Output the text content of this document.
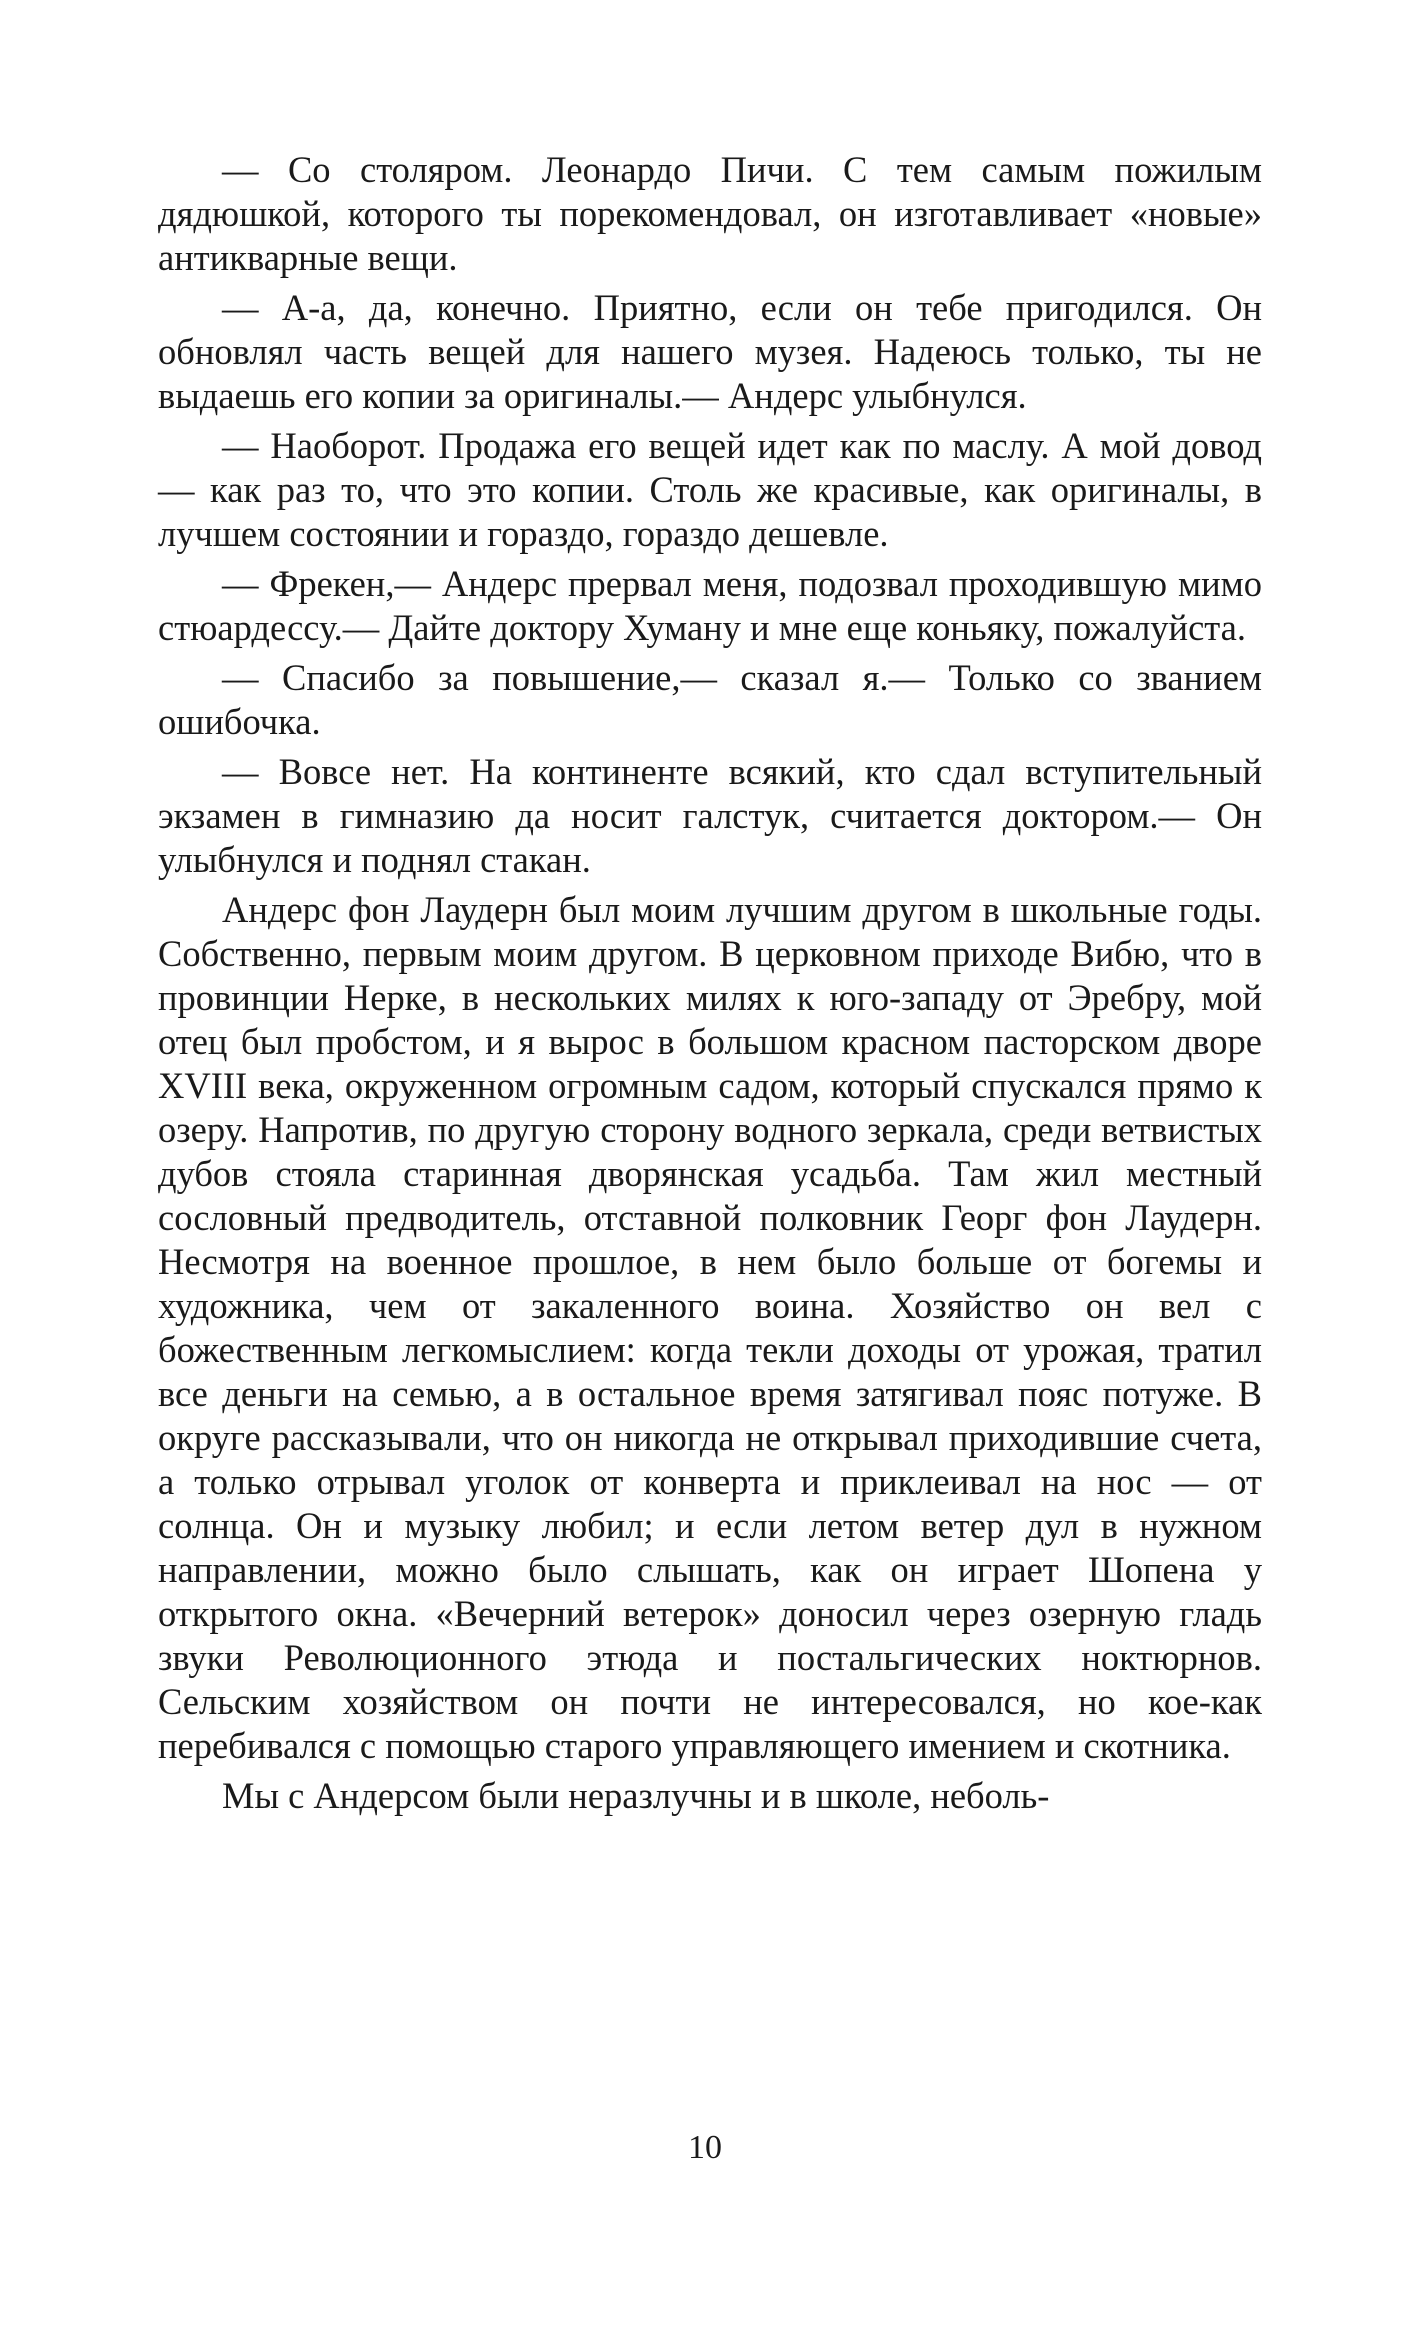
— Со столяром. Леонардо Пичи. С тем самым пожилым дядюшкой, которого ты порекомендовал, он изготавливает «новые» антикварные вещи.

— А-а, да, конечно. Приятно, если он тебе пригодился. Он обновлял часть вещей для нашего музея. Надеюсь только, ты не выдаешь его копии за оригиналы.— Андерс улыбнулся.

— Наоборот. Продажа его вещей идет как по маслу. А мой довод — как раз то, что это копии. Столь же красивые, как оригиналы, в лучшем состоянии и гораздо, гораздо дешевле.

— Фрекен,— Андерс прервал меня, подозвал проходившую мимо стюардессу.— Дайте доктору Хуману и мне еще коньяку, пожалуйста.

— Спасибо за повышение,— сказал я.— Только со званием ошибочка.

— Вовсе нет. На континенте всякий, кто сдал вступительный экзамен в гимназию да носит галстук, считается доктором.— Он улыбнулся и поднял стакан.

Андерс фон Лаудерн был моим лучшим другом в школьные годы. Собственно, первым моим другом. В церковном приходе Вибю, что в провинции Нерке, в нескольких милях к юго-западу от Эребру, мой отец был пробстом, и я вырос в большом красном пасторском дворе XVIII века, окруженном огромным садом, который спускался прямо к озеру. Напротив, по другую сторону водного зеркала, среди ветвистых дубов стояла старинная дворянская усадьба. Там жил местный сословный предводитель, отставной полковник Георг фон Лаудерн. Несмотря на военное прошлое, в нем было больше от богемы и художника, чем от закаленного воина. Хозяйство он вел с божественным легкомыслием: когда текли доходы от урожая, тратил все деньги на семью, а в остальное время затягивал пояс потуже. В округе рассказывали, что он никогда не открывал приходившие счета, а только отрывал уголок от конверта и приклеивал на нос — от солнца. Он и музыку любил; и если летом ветер дул в нужном направлении, можно было слышать, как он играет Шопена у открытого окна. «Вечерний ветерок» доносил через озерную гладь звуки Революционного этюда и постальгических ноктюрнов. Сельским хозяйством он почти не интересовался, но кое-как перебивался с помощью старого управляющего имением и скотника.

Мы с Андерсом были неразлучны и в школе, неболь-

10
